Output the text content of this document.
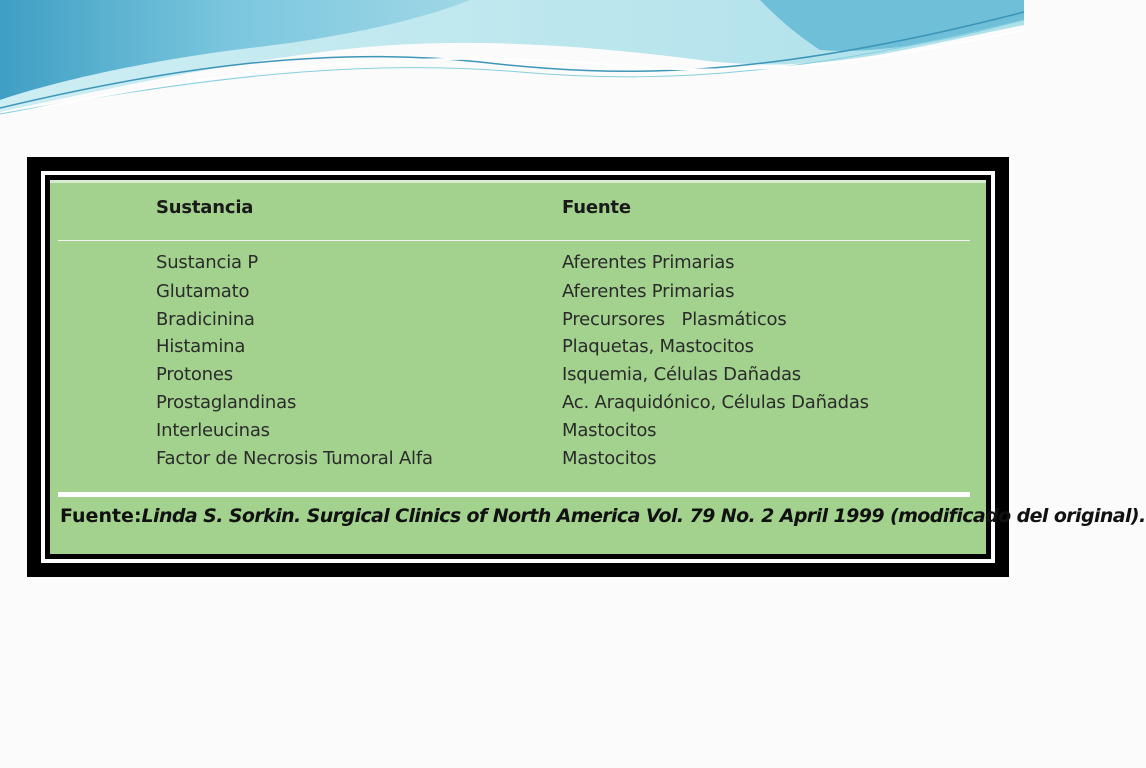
Sustancia	Fuente
Sustancia P	Aferentes Primarias
Glutamato	Aferentes Primarias
Bradicinina	Precursores   Plasmáticos
Histamina	Plaquetas, Mastocitos
Protones	Isquemia, Células Dañadas
Prostaglandinas	Ac. Araquidónico, Células Dañadas
Interleucinas	Mastocitos
Factor de Necrosis Tumoral Alfa	Mastocitos
Fuente:Linda S. Sorkin. Surgical Clinics of North America Vol. 79 No. 2 April 1999 (modificado del original).
